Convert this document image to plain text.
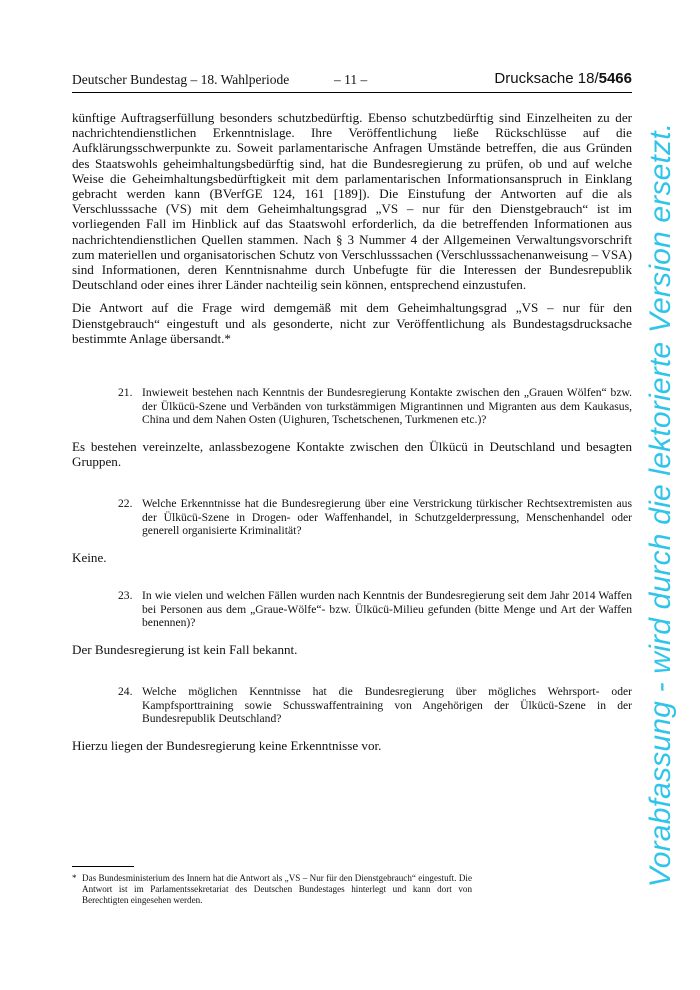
Deutscher Bundestag – 18. Wahlperiode	– 11 –	Drucksache 18/5466

künftige Auftragserfüllung besonders schutzbedürftig. Ebenso schutzbedürftig sind Einzelheiten zu der nachrichtendienstlichen Erkenntnislage. Ihre Veröffentlichung ließe Rückschlüsse auf die Aufklärungsschwerpunkte zu. Soweit parlamentarische Anfragen Umstände betreffen, die aus Gründen des Staatswohls geheimhaltungsbedürftig sind, hat die Bundesregierung zu prüfen, ob und auf welche Weise die Geheimhaltungsbedürftigkeit mit dem parlamentarischen Informationsanspruch in Einklang gebracht werden kann (BVerfGE 124, 161 [189]). Die Einstufung der Antworten auf die als Verschlusssache (VS) mit dem Geheimhaltungsgrad „VS – nur für den Dienstgebrauch“ ist im vorliegenden Fall im Hinblick auf das Staatswohl erforderlich, da die betreffenden Informationen aus nachrichtendienstlichen Quellen stammen. Nach § 3 Nummer 4 der Allgemeinen Verwaltungsvorschrift zum materiellen und organisatorischen Schutz von Verschlusssachen (Verschlusssachenanweisung – VSA) sind Informationen, deren Kenntnisnahme durch Unbefugte für die Interessen der Bundesrepublik Deutschland oder eines ihrer Länder nachteilig sein können, entsprechend einzustufen.

Die Antwort auf die Frage wird demgemäß mit dem Geheimhaltungsgrad „VS – nur für den Dienstgebrauch“ eingestuft und als gesonderte, nicht zur Veröffentlichung als Bundestagsdrucksache bestimmte Anlage übersandt.*

21. Inwieweit bestehen nach Kenntnis der Bundesregierung Kontakte zwischen den „Grauen Wölfen“ bzw. der Ülkücü-Szene und Verbänden von turkstämmigen Migrantinnen und Migranten aus dem Kaukasus, China und dem Nahen Osten (Uighuren, Tschetschenen, Turkmenen etc.)?

Es bestehen vereinzelte, anlassbezogene Kontakte zwischen den Ülkücü in Deutschland und besagten Gruppen.

22. Welche Erkenntnisse hat die Bundesregierung über eine Verstrickung türkischer Rechtsextremisten aus der Ülkücü-Szene in Drogen- oder Waffenhandel, in Schutzgelderpressung, Menschenhandel oder generell organisierte Kriminalität?

Keine.

23. In wie vielen und welchen Fällen wurden nach Kenntnis der Bundesregierung seit dem Jahr 2014 Waffen bei Personen aus dem „Graue-Wölfe“- bzw. Ülkücü-Milieu gefunden (bitte Menge und Art der Waffen benennen)?

Der Bundesregierung ist kein Fall bekannt.

24. Welche möglichen Kenntnisse hat die Bundesregierung über mögliches Wehrsport- oder Kampfsporttraining sowie Schusswaffentraining von Angehörigen der Ülkücü-Szene in der Bundesrepublik Deutschland?

Hierzu liegen der Bundesregierung keine Erkenntnisse vor.

* Das Bundesministerium des Innern hat die Antwort als „VS – Nur für den Dienstgebrauch“ eingestuft. Die Antwort ist im Parlamentssekretariat des Deutschen Bundestages hinterlegt und kann dort von Berechtigten eingesehen werden.
Vorabfassung - wird durch die lektorierte Version ersetzt.
